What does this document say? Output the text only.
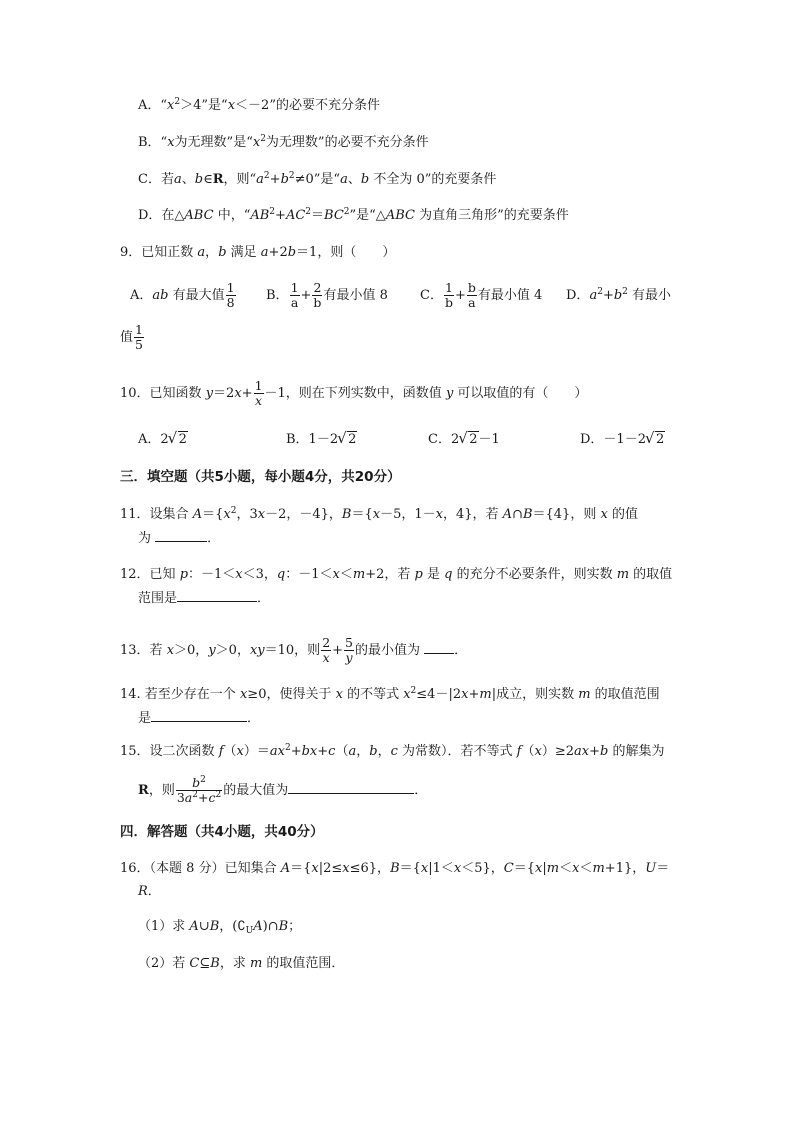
A．“$x^2>4$”是“x＜－2”的必要不充分条件
B．“x为无理数”是“$x^2$为无理数”的必要不充分条件
C．若a、b∈R，则“$a^2+b^2\ne 0$”是“a、b 不全为 0”的充要条件
D．在△ABC 中，“$AB^2+AC^2=BC^2$”是“△ABC 为直角三角形”的充要条件
9．已知正数 a，b 满足 a+2b＝1，则（　　）
A．ab 有最大值 $\frac{1}{8}$ B． $\frac{1}{a} + \frac{2}{b}$ 有最小值 8 C． $\frac{1}{b} + \frac{b}{a}$ 有最小值 4 D．$a^2+b^2$ 有最小
值 $\frac{1}{5}$
10．已知函数 $y=2x+ \frac{1}{x} -1$，则在下列实数中，函数值 y 可以取值的有（　　）
A．2 √ 2	B．1－2 √ 2	C．2 √ 2－1	D．－1－2 √ 2
三．填空题（共5小题，每小题4分，共20分）
11．设集合 $A=\{x^2$，3x－2，－4}，B＝{x－5，1－x，4}，若 A∩B＝{4}，则 x 的值
为	．
12．已知 p：－1＜x＜3，q：－1＜x＜m+2，若 p 是 q 的充分不必要条件，则实数 m 的取值
范围是	．
13．若 x＞0，y＞0，xy＝10，则 $\frac{2}{x} + \frac{5}{y}$ 的最小值为 ．
14. 若至少存在一个 x≥0，使得关于 x 的不等式 $x^2\le 4-|2x+m|$成立，则实数 m 的取值范围
是	．
15．设二次函数 $f(x)=ax^2+bx+c(a$，b，c 为常数）．若不等式 f（x）≥2ax+b 的解集为
R，则 $\frac{b^2}{3a^2+c^2}$ 的最大值为	．
四．解答题（共4小题，共40分）
16．（本题 8 分）已知集合 A＝{x|2≤x≤6}，B＝{x|1＜x＜5}，C＝{x|m＜x＜m+1}，U＝
R．
（1）求 A∪B，$(∁_UA)\cap B$；
（2）若 C⊆B，求 m 的取值范围．
